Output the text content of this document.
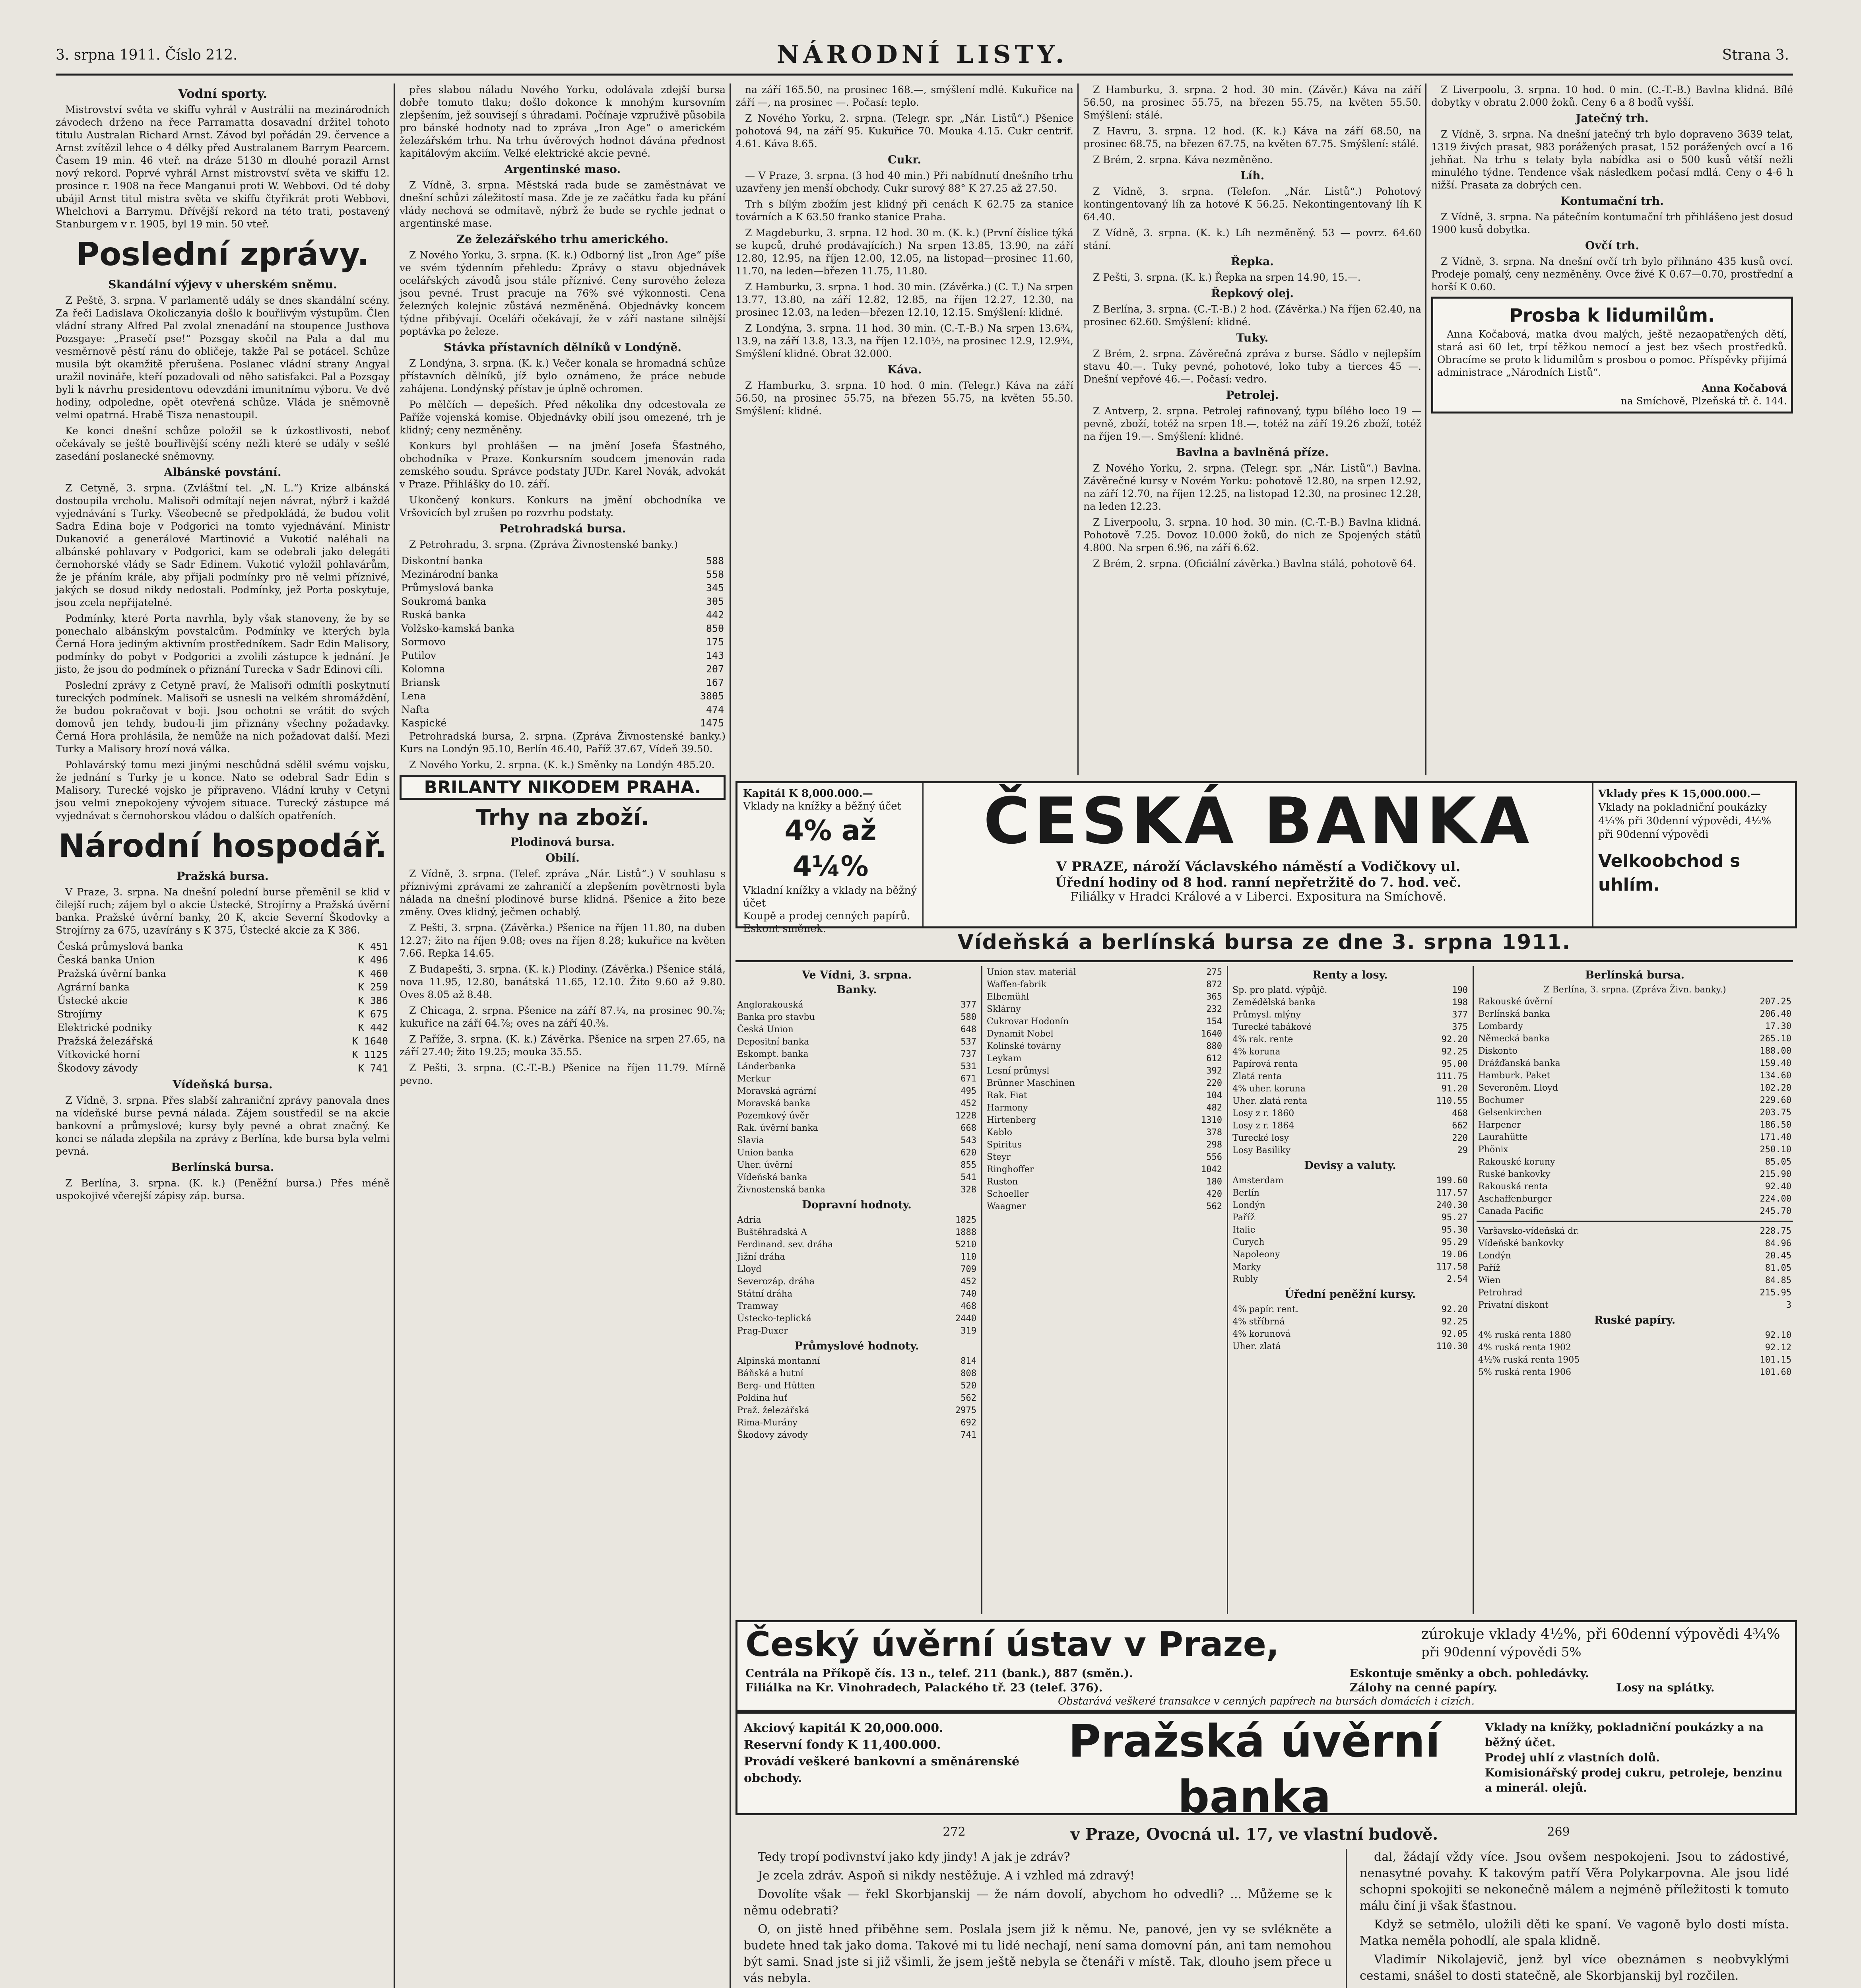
3. srpna 1911. Číslo 212.	NÁRODNÍ LISTY.	Strana 3.
Vodní sporty.

Mistrovství světa ve skiffu vyhrál v Austrálii na mezinárodních závodech drženo na řece Parramatta dosavadní držitel tohoto titulu Australan Richard Arnst. Závod byl pořádán 29. července a Arnst zvítězil lehce o 4 délky před Australanem Barrym Pearcem. Časem 19 min. 46 vteř. na dráze 5130 m dlouhé porazil Arnst nový rekord. Poprvé vyhrál Arnst mistrovství světa ve skiffu 12. prosince r. 1908 na řece Manganui proti W. Webbovi. Od té doby ubájil Arnst titul mistra světa ve skiffu čtyřikrát proti Webbovi, Whelchovi a Barrymu. Dřívější rekord na této trati, postavený Stanburgem v r. 1905, byl 19 min. 50 vteř.

Poslední zprávy.
Skandální výjevy v uherském sněmu.

Z Peště, 3. srpna. V parlamentě udály se dnes skandální scény. Za řeči Ladislava Okoliczanyia došlo k bouřlivým výstupům. Člen vládní strany Alfred Pal zvolal znenadání na stoupence Justhova Pozsgaye: „Prasečí pse!“ Pozsgay skočil na Pala a dal mu vesměrnově pěstí ránu do obličeje, takže Pal se potácel. Schůze musila být okamžitě přerušena. Poslanec vládní strany Angyal uražil novináře, kteří pozadovali od něho satisfakci. Pal a Pozsgay byli k návrhu presidentovu odevzdáni imunitnímu výboru. Ve dvě hodiny, odpoledne, opět otevřená schůze. Vláda je sněmovně velmi opatrná. Hrabě Tisza nenastoupil.

Ke konci dnešní schůze položil se k úzkostlivosti, neboť očekávaly se ještě bouřlivější scény nežli které se udály v sešlé zasedání poslanecké sněmovny.

Albánské povstání.

Z Cetyně, 3. srpna. (Zvláštní tel. „N. L.“) Krize albánská dostoupila vrcholu. Malisoři odmítají nejen návrat, nýbrž i každé vyjednávání s Turky. Všeobecně se předpokládá, že budou volit Sadra Edina boje v Podgorici na tomto vyjednávání. Ministr Dukanović a generálové Martinović a Vukotić naléhali na albánské pohlavary v Podgorici, kam se odebrali jako delegáti černohorské vlády se Sadr Edinem. Vukotić vyložil pohlavárům, že je přáním krále, aby přijali podmínky pro ně velmi příznivé, jakých se dosud nikdy nedostali. Podmínky, jež Porta poskytuje, jsou zcela nepřijatelné.

Podmínky, které Porta navrhla, byly však stanoveny, že by se ponechalo albánským povstalcům. Podmínky ve kterých byla Černá Hora jediným aktivním prostředníkem. Sadr Edin Malisory, podmínky do pobyt v Podgorici a zvolili zástupce k jednání. Je jisto, že jsou do podmínek o přiznání Turecka v Sadr Edinovi cíli.

Poslední zprávy z Cetyně praví, že Malisoři odmítli poskytnutí tureckých podmínek. Malisoři se usnesli na velkém shromáždění, že budou pokračovat v boji. Jsou ochotni se vrátit do svých domovů jen tehdy, budou-li jim přiznány všechny požadavky. Černá Hora prohlásila, že nemůže na nich požadovat další. Mezi Turky a Malisory hrozí nová válka.

Pohlavárský tomu mezi jinými neschůdná sdělil svému vojsku, že jednání s Turky je u konce. Nato se odebral Sadr Edin s Malisory. Turecké vojsko je připraveno. Vládní kruhy v Cetyni jsou velmi znepokojeny vývojem situace. Turecký zástupce má vyjednávat s černohorskou vládou o dalších opatřeních.

Národní hospodář.
Pražská bursa.

V Praze, 3. srpna. Na dnešní polední burse přeměnil se klid v čilejší ruch; zájem byl o akcie Ústecké, Strojírny a Pražská úvěrní banka. Pražské úvěrní banky, 20 K, akcie Severní Škodovky a Strojírny za 675, uzavírány s K 375, Ústecké akcie za K 386.

Česká průmyslová banka	K 451
Česká banka Union	K 496
Pražská úvěrní banka	K 460
Agrární banka	K 259
Ústecké akcie	K 386
Strojírny	K 675
Elektrické podniky	K 442
Pražská železářská	K 1640
Vítkovické horní	K 1125
Škodovy závody	K 741
Vídeňská bursa.

Z Vídně, 3. srpna. Přes slabší zahraniční zprávy panovala dnes na vídeňské burse pevná nálada. Zájem soustředil se na akcie bankovní a průmyslové; kursy byly pevné a obrat značný. Ke konci se nálada zlepšila na zprávy z Berlína, kde bursa byla velmi pevná.

Berlínská bursa.

Z Berlína, 3. srpna. (K. k.) (Peněžní bursa.) Přes méně uspokojivé včerejší zápisy záp. bursa.

přes slabou náladu Nového Yorku, odolávala zdejší bursa dobře tomuto tlaku; došlo dokonce k mnohým kursovním zlepšením, jež souvisejí s úhradami. Počínaje vzpruživě působila pro bánské hodnoty nad to zpráva „Iron Age“ o americkém železářském trhu. Na trhu úvěrových hodnot dávána přednost kapitálovým akciím. Velké elektrické akcie pevné.

Argentinské maso.

Z Vídně, 3. srpna. Městská rada bude se zaměstnávat ve dnešní schůzi záležitostí masa. Zde je ze začátku řada ku přání vlády nechová se odmítavě, nýbrž že bude se rychle jednat o argentinské mase.

Ze železářského trhu amerického.

Z Nového Yorku, 3. srpna. (K. k.) Odborný list „Iron Age“ píše ve svém týdenním přehledu: Zprávy o stavu objednávek ocelářských závodů jsou stále příznivé. Ceny surového železa jsou pevné. Trust pracuje na 76% své výkonnosti. Cena železných kolejnic zůstává nezměněná. Objednávky koncem týdne přibývají. Oceláři očekávají, že v září nastane silnější poptávka po železe.

Stávka přístavních dělníků v Londýně.

Z Londýna, 3. srpna. (K. k.) Večer konala se hromadná schůze přístavních dělníků, jíž bylo oznámeno, že práce nebude zahájena. Londýnský přístav je úplně ochromen.

Po mělčích — depeších. Před několika dny odcestovala ze Paříže vojenská komise. Objednávky obilí jsou omezené, trh je klidný; ceny nezměněny.

Konkurs byl prohlášen — na jmění Josefa Šťastného, obchodníka v Praze. Konkursním soudcem jmenován rada zemského soudu. Správce podstaty JUDr. Karel Novák, advokát v Praze. Přihlášky do 10. září.

Ukončený konkurs. Konkurs na jmění obchodníka ve Vršovicích byl zrušen po rozvrhu podstaty.

Petrohradská bursa.

Z Petrohradu, 3. srpna. (Zpráva Živnostenské banky.)

Diskontní banka	588
Mezinárodní banka	558
Průmyslová banka	345
Soukromá banka	305
Ruská banka	442
Volžsko-kamská banka	850
Sormovo	175
Putilov	143
Kolomna	207
Briansk	167
Lena	3805
Nafta	474
Kaspické	1475

Petrohradská bursa, 2. srpna. (Zpráva Živnostenské banky.) Kurs na Londýn 95.10, Berlín 46.40, Paříž 37.67, Vídeň 39.50.

Z Nového Yorku, 2. srpna. (K. k.) Směnky na Londýn 485.20.

BRILANTY NIKODEM PRAHA.
Trhy na zboží.
Plodinová bursa.
Obilí.

Z Vídně, 3. srpna. (Telef. zpráva „Nár. Listů“.) V souhlasu s příznivými zprávami ze zahraničí a zlepšením povětrnosti byla nálada na dnešní plodinové burse klidná. Pšenice a žito beze změny. Oves klidný, ječmen ochablý.

Z Pešti, 3. srpna. (Závěrka.) Pšenice na říjen 11.80, na duben 12.27; žito na říjen 9.08; oves na říjen 8.28; kukuřice na květen 7.66. Repka 14.65.

Z Budapešti, 3. srpna. (K. k.) Plodiny. (Závěrka.) Pšenice stálá, nova 11.95, 12.80, banátská 11.65, 12.10. Žito 9.60 až 9.80. Oves 8.05 až 8.48.

Z Chicaga, 2. srpna. Pšenice na září 87.¼, na prosinec 90.⅞; kukuřice na září 64.⅞; oves na září 40.⅜.

Z Paříže, 3. srpna. (K. k.) Závěrka. Pšenice na srpen 27.65, na září 27.40; žito 19.25; mouka 35.55.

Z Pešti, 3. srpna. (C.-T.-B.) Pšenice na říjen 11.79. Mírně pevno.

na září 165.50, na prosinec 168.—, smýšlení mdlé. Kukuřice na září —, na prosinec —. Počasí: teplo.

Z Nového Yorku, 2. srpna. (Telegr. spr. „Nár. Listů“.) Pšenice pohotová 94, na září 95. Kukuřice 70. Mouka 4.15. Cukr centrif. 4.61. Káva 8.65.

Cukr.

— V Praze, 3. srpna. (3 hod 40 min.) Při nabídnutí dnešního trhu uzavřeny jen menší obchody. Cukr surový 88° K 27.25 až 27.50.

Trh s bílým zbožím jest klidný při cenách K 62.75 za stanice továrních a K 63.50 franko stanice Praha.

Z Magdeburku, 3. srpna. 12 hod. 30 m. (K. k.) (První číslice týká se kupců, druhé prodávajících.) Na srpen 13.85, 13.90, na září 12.80, 12.95, na říjen 12.00, 12.05, na listopad—prosinec 11.60, 11.70, na leden—březen 11.75, 11.80.

Z Hamburku, 3. srpna. 1 hod. 30 min. (Závěrka.) (C. T.) Na srpen 13.77, 13.80, na září 12.82, 12.85, na říjen 12.27, 12.30, na prosinec 12.03, na leden—březen 12.10, 12.15. Smýšlení: klidné.

Z Londýna, 3. srpna. 11 hod. 30 min. (C.-T.-B.) Na srpen 13.6¾, 13.9, na září 13.8, 13.3, na říjen 12.10½, na prosinec 12.9, 12.9¾, Smýšlení klidné. Obrat 32.000.

Káva.

Z Hamburku, 3. srpna. 10 hod. 0 min. (Telegr.) Káva na září 56.50, na prosinec 55.75, na březen 55.75, na květen 55.50. Smýšlení: klidné.

Z Hamburku, 3. srpna. 2 hod. 30 min. (Závěr.) Káva na září 56.50, na prosinec 55.75, na březen 55.75, na květen 55.50. Smýšlení: stálé.

Z Havru, 3. srpna. 12 hod. (K. k.) Káva na září 68.50, na prosinec 68.75, na březen 67.75, na květen 67.75. Smýšlení: stálé.

Z Brém, 2. srpna. Káva nezměněno.

Líh.

Z Vídně, 3. srpna. (Telefon. „Nár. Listů“.) Pohotový kontingentovaný líh za hotové K 56.25. Nekontingentovaný líh K 64.40.

Z Vídně, 3. srpna. (K. k.) Líh nezměněný. 53 — povrz. 64.60 stání.

Řepka.

Z Pešti, 3. srpna. (K. k.) Řepka na srpen 14.90, 15.—.

Řepkový olej.

Z Berlína, 3. srpna. (C.-T.-B.) 2 hod. (Závěrka.) Na říjen 62.40, na prosinec 62.60. Smýšlení: klidné.

Tuky.

Z Brém, 2. srpna. Závěrečná zpráva z burse. Sádlo v nejlepším stavu 40.—. Tuky pevné, pohotové, loko tuby a tierces 45 —. Dnešní vepřové 46.—. Počasí: vedro.

Petrolej.

Z Antverp, 2. srpna. Petrolej rafinovaný, typu bílého loco 19 — pevně, zboží, totéž na srpen 18.—, totéž na září 19.26 zboží, totéž na říjen 19.—. Smýšlení: klidné.

Bavlna a bavlněná příze.

Z Nového Yorku, 2. srpna. (Telegr. spr. „Nár. Listů“.) Bavlna. Závěrečné kursy v Novém Yorku: pohotově 12.80, na srpen 12.92, na září 12.70, na říjen 12.25, na listopad 12.30, na prosinec 12.28, na leden 12.23.

Z Liverpoolu, 3. srpna. 10 hod. 30 min. (C.-T.-B.) Bavlna klidná. Pohotově 7.25. Dovoz 10.000 žoků, do nich ze Spojených států 4.800. Na srpen 6.96, na září 6.62.

Z Brém, 2. srpna. (Oficiální závěrka.) Bavlna stálá, pohotově 64.

Z Liverpoolu, 3. srpna. 10 hod. 0 min. (C.-T.-B.) Bavlna klidná. Bílé dobytky v obratu 2.000 žoků. Ceny 6 a 8 bodů vyšší.

Jatečný trh.

Z Vídně, 3. srpna. Na dnešní jatečný trh bylo dopraveno 3639 telat, 1319 živých prasat, 983 porážených prasat, 152 porážených ovcí a 16 jehňat. Na trhu s telaty byla nabídka asi o 500 kusů větší nežli minulého týdne. Tendence však následkem počasí mdlá. Ceny o 4-6 h nižší. Prasata za dobrých cen.

Kontumační trh.

Z Vídně, 3. srpna. Na pátečním kontumační trh přihlášeno jest dosud 1900 kusů dobytka.

Ovčí trh.

Z Vídně, 3. srpna. Na dnešní ovčí trh bylo přihnáno 435 kusů ovcí. Prodeje pomalý, ceny nezměněny. Ovce živé K 0.67—0.70, prostřední a horší K 0.60.

Prosba k lidumilům.

Anna Kočabová, matka dvou malých, ještě nezaopatřených dětí, stará asi 60 let, trpí těžkou nemocí a jest bez všech prostředků. Obracíme se proto k lidumilům s prosbou o pomoc. Příspěvky přijímá administrace „Národních Listů“.

Anna Kočabová
na Smíchově, Plzeňská tř. č. 144.
Kapitál K 8,000.000.—
Vklady na knížky a běžný účet
4% až 4¼%
Vkladní knížky a vklady na běžný účet
Koupě a prodej cenných papírů. Eskont směnek.
ČESKÁ BANKA
V PRAZE, nároží Václavského náměstí a Vodičkovy ul.
Úřední hodiny od 8 hod. ranní nepřetržitě do 7. hod. več.
Filiálky v Hradci Králové a v Liberci. Expositura na Smíchově.
Vklady přes K 15,000.000.—
Vklady na pokladniční poukázky
4¼% při 30denní výpovědi, 4½% při 90denní výpovědi
Velkoobchod s uhlím.
Vídeňská a berlínská bursa ze dne 3. srpna 1911.
Ve Vídni, 3. srpna.
Banky.
Anglorakouská	377
Banka pro stavbu	580
Česká Union	648
Depositní banka	537
Eskompt. banka	737
Lánderbanka	531
Merkur	671
Moravská agrární	495
Moravská banka	452
Pozemkový úvěr	1228
Rak. úvěrní banka	668
Slavia	543
Union banka	620
Uher. úvěrní	855
Vídeňská banka	541
Živnostenská banka	328
Dopravní hodnoty.
Adria	1825
Buštěhradská A	1888
Ferdinand. sev. dráha	5210
Jižní dráha	110
Lloyd	709
Severozáp. dráha	452
Státní dráha	740
Tramway	468
Ústecko-teplická	2440
Prag-Duxer	319
Průmyslové hodnoty.
Alpinská montanní	814
Báňská a hutní	808
Berg- und Hütten	520
Poldina huť	562
Praž. železářská	2975
Rima-Murány	692
Škodovy závody	741
Union stav. materiál	275
Waffen-fabrik	872
Elbemühl	365
Sklárny	232
Cukrovar Hodonín	154
Dynamit Nobel	1640
Kolínské továrny	880
Leykam	612
Lesní průmysl	392
Brünner Maschinen	220
Rak. Fiat	104
Harmony	482
Hirtenberg	1310
Kablo	378
Spiritus	298
Steyr	556
Ringhoffer	1042
Ruston	180
Schoeller	420
Waagner	562
Renty a losy.
Sp. pro platd. výpůjč.	190
Zemědělská banka	198
Průmysl. mlýny	377
Turecké tabákové	375
4% rak. rente	92.20
4% koruna	92.25
Papírová renta	95.00
Zlatá renta	111.75
4% uher. koruna	91.20
Uher. zlatá renta	110.55
Losy z r. 1860	468
Losy z r. 1864	662
Turecké losy	220
Losy Basiliky	29
Devisy a valuty.
Amsterdam	199.60
Berlín	117.57
Londýn	240.30
Paříž	95.27
Italie	95.30
Curych	95.29
Napoleony	19.06
Marky	117.58
Rubly	2.54
Úřední peněžní kursy.
4% papír. rent.	92.20
4% stříbrná	92.25
4% korunová	92.05
Uher. zlatá	110.30
Berlínská bursa.
Z Berlína, 3. srpna. (Zpráva Živn. banky.)
Rakouské úvěrní	207.25
Berlínská banka	206.40
Lombardy	17.30
Německá banka	265.10
Diskonto	188.00
Drážďanská banka	159.40
Hamburk. Paket	134.60
Severoněm. Lloyd	102.20
Bochumer	229.60
Gelsenkirchen	203.75
Harpener	186.50
Laurahütte	171.40
Phönix	250.10
Rakouské koruny	85.05
Ruské bankovky	215.90
Rakouská renta	92.40
Aschaffenburger	224.00
Canada Pacific	245.70
Varšavsko-vídeňská dr.	228.75
Vídeňské bankovky	84.96
Londýn	20.45
Paříž	81.05
Wien	84.85
Petrohrad	215.95
Privatní diskont	3
Ruské papíry.
4% ruská renta 1880	92.10
4% ruská renta 1902	92.12
4½% ruská renta 1905	101.15
5% ruská renta 1906	101.60
Český úvěrní ústav v Praze,	zúrokuje vklady 4½%, při 60denní výpovědi 4¾%
při 90denní výpovědi 5%
Centrála na Příkopě čís. 13 n., telef. 211 (bank.), 887 (směn.).	Eskontuje směnky a obch. pohledávky.
Filiálka na Kr. Vinohradech, Palackého tř. 23 (telef. 376).	Zálohy na cenné papíry.	Losy na splátky.
Obstarává veškeré transakce v cenných papírech na bursách domácích i cizích.
Akciový kapitál K 20,000.000.
Reservní fondy K 11,400.000.
Provádí veškeré bankovní a směnárenské obchody.
Pražská úvěrní banka
v Praze, Ovocná ul. 17, ve vlastní budově.
Vklady na knížky, pokladniční poukázky a na běžný účet.
Prodej uhlí z vlastních dolů.
Komisionářský prodej cukru, petroleje, benzinu a minerál. olejů.
272	269

Tedy tropí podivnství jako kdy jindy! A jak je zdráv?

Je zcela zdráv. Aspoň si nikdy nestěžuje. A i vzhled má zdravý!

Dovolíte však — řekl Skorbjanskij — že nám dovolí, abychom ho odvedli? ... Můžeme se k němu odebrati?

O, on jistě hned přiběhne sem. Poslala jsem již k němu. Ne, panové, jen vy se svlékněte a budete hned tak jako doma. Takové mi tu lidé nechají, není sama domovní pán, ani tam nemohou být sami. Snad jste si již všimli, že jsem ještě nebyla se čtenáři v místě. Tak, dlouho jsem přece u vás nebyla.

dal, žádají vždy více. Jsou ovšem nespokojeni. Jsou to zádostivé, nenasytné povahy. K takovým patří Věra Polykarpovna. Ale jsou lidé schopni spokojiti se nekonečně málem a nejméně příležitosti k tomuto málu činí ji však šťastnou.

Když se setmělo, uložili děti ke spaní. Ve vagoně bylo dosti místa. Matka neměla pohodlí, ale spala klidně.

Vladimír Nikolajevič, jenž byl více obeznámen s neobvyklými cestami, snášel to dosti statečně, ale Skorbjanskij byl rozčilen.
